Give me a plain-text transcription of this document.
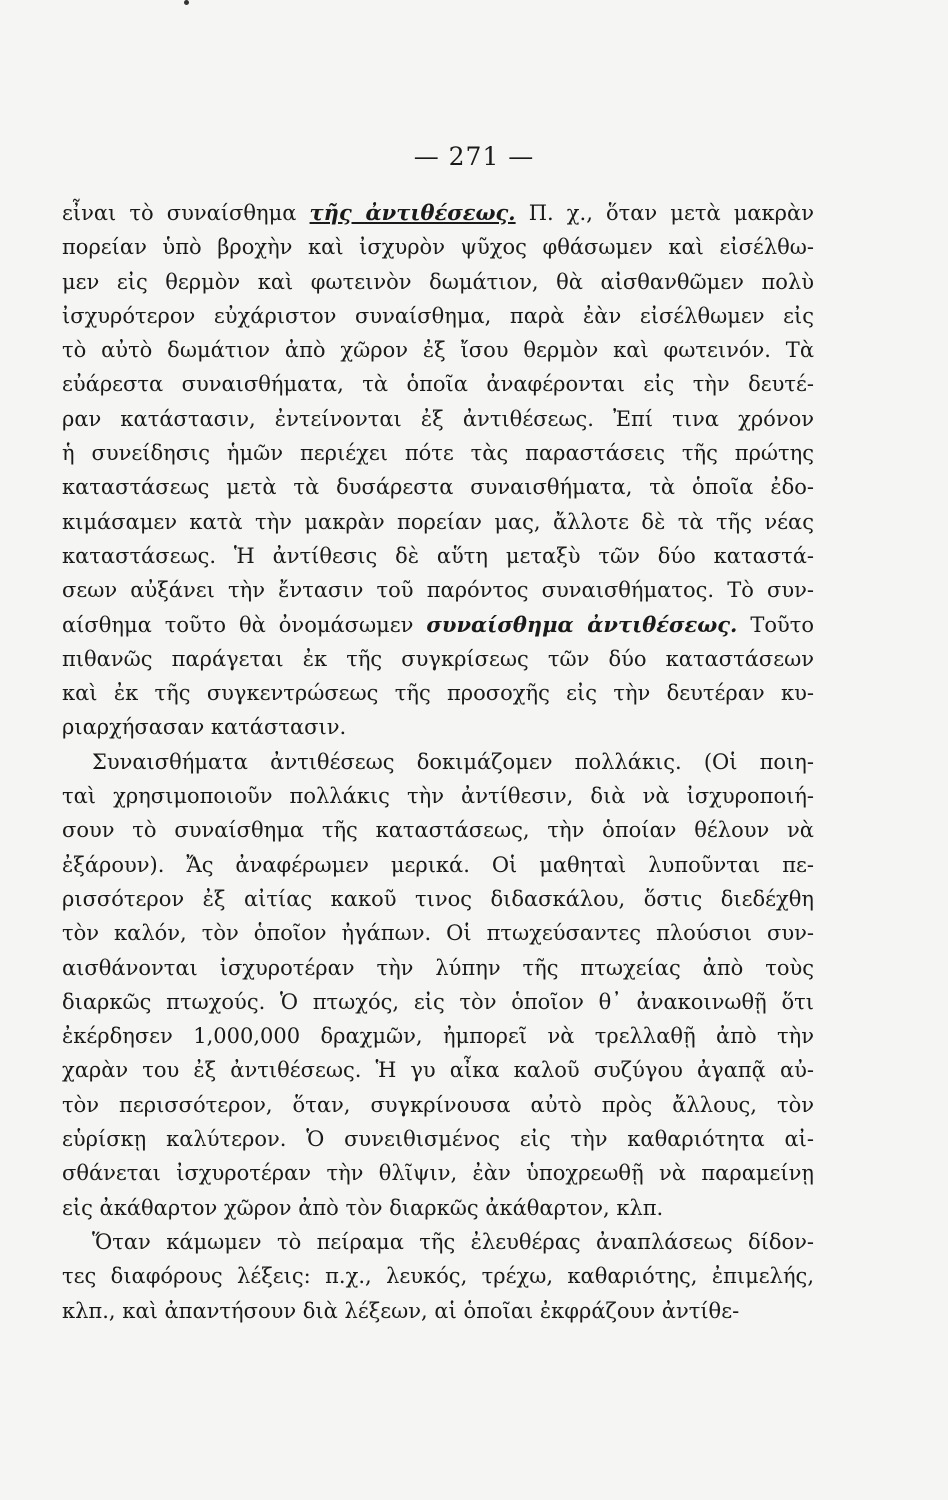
— 271 —
εἶναι τὸ συναίσθημα τῆς ἀντιθέσεως. Π. χ., ὅταν μετὰ μακρὰν
πορείαν ὑπὸ βροχὴν καὶ ἰσχυρὸν ψῦχος φθάσωμεν καὶ εἰσέλθω-
μεν εἰς θερμὸν καὶ φωτεινὸν δωμάτιον, θὰ αἰσθανθῶμεν πολὺ
ἰσχυρότερον εὐχάριστον συναίσθημα, παρὰ ἐὰν εἰσέλθωμεν εἰς
τὸ αὐτὸ δωμάτιον ἀπὸ χῶρον ἐξ ἴσου θερμὸν καὶ φωτεινόν. Τὰ
εὐάρεστα συναισθήματα, τὰ ὁποῖα ἀναφέρονται εἰς τὴν δευτέ-
ραν κατάστασιν, ἐντείνονται ἐξ ἀντιθέσεως. Ἐπί τινα χρόνον
ἡ συνείδησις ἡμῶν περιέχει πότε τὰς παραστάσεις τῆς πρώτης
καταστάσεως μετὰ τὰ δυσάρεστα συναισθήματα, τὰ ὁποῖα ἐδο-
κιμάσαμεν κατὰ τὴν μακρὰν πορείαν μας, ἄλλοτε δὲ τὰ τῆς νέας
καταστάσεως. Ἡ ἀντίθεσις δὲ αὕτη μεταξὺ τῶν δύο καταστά-
σεων αὐξάνει τὴν ἔντασιν τοῦ παρόντος συναισθήματος. Τὸ συν-
αίσθημα τοῦτο θὰ ὀνομάσωμεν συναίσθημα ἀντιθέσεως. Τοῦτο
πιθανῶς παράγεται ἐκ τῆς συγκρίσεως τῶν δύο καταστάσεων
καὶ ἐκ τῆς συγκεντρώσεως τῆς προσοχῆς εἰς τὴν δευτέραν κυ-
ριαρχήσασαν κατάστασιν.
Συναισθήματα ἀντιθέσεως δοκιμάζομεν πολλάκις. (Οἱ ποιη-
ταὶ χρησιμοποιοῦν πολλάκις τὴν ἀντίθεσιν, διὰ νὰ ἰσχυροποιή-
σουν τὸ συναίσθημα τῆς καταστάσεως, τὴν ὁποίαν θέλουν νὰ
ἐξάρουν). Ἄς ἀναφέρωμεν μερικά. Οἱ μαθηταὶ λυποῦνται πε-
ρισσότερον ἐξ αἰτίας κακοῦ τινος διδασκάλου, ὅστις διεδέχθη
τὸν καλόν, τὸν ὁποῖον ἠγάπων. Οἱ πτωχεύσαντες πλούσιοι συν-
αισθάνονται ἰσχυροτέραν τὴν λύπην τῆς πτωχείας ἀπὸ τοὺς
διαρκῶς πτωχούς. Ὁ πτωχός, εἰς τὸν ὁποῖον θ᾽ ἀνακοινωθῇ ὅτι
ἐκέρδησεν 1,000,000 δραχμῶν, ἠμπορεῖ νὰ τρελλαθῇ ἀπὸ τὴν
χαρὰν του ἐξ ἀντιθέσεως. Ἡ γυ αἶκα καλοῦ συζύγου ἀγαπᾷ αὐ-
τὸν περισσότερον, ὅταν, συγκρίνουσα αὐτὸ πρὸς ἄλλους, τὸν
εὑρίσκῃ καλύτερον. Ὁ συνειθισμένος εἰς τὴν καθαριότητα αἰ-
σθάνεται ἰσχυροτέραν τὴν θλῖψιν, ἐὰν ὑποχρεωθῇ νὰ παραμείνῃ
εἰς ἀκάθαρτον χῶρον ἀπὸ τὸν διαρκῶς ἀκάθαρτον, κλπ.
Ὅταν κάμωμεν τὸ πείραμα τῆς ἐλευθέρας ἀναπλάσεως δίδον-
τες διαφόρους λέξεις: π.χ., λευκός, τρέχω, καθαριότης, ἐπιμελής,
κλπ., καὶ ἀπαντήσουν διὰ λέξεων, αἱ ὁποῖαι ἐκφράζουν ἀντίθε-
